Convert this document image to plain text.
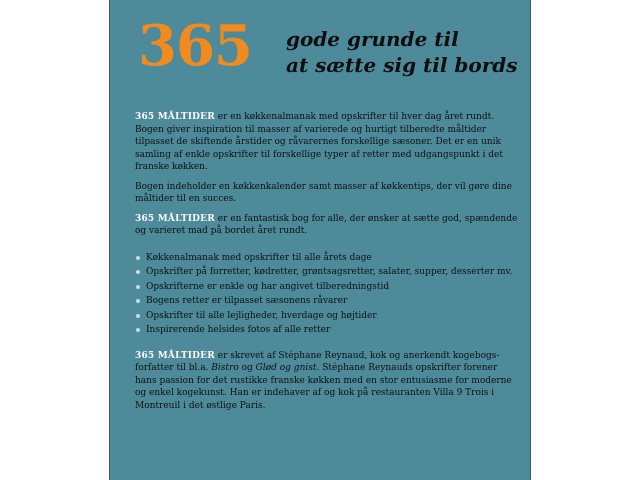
365 gode grunde til
at sætte sig til bords

365 MÅLTIDER er en køkkenalmanak med opskrifter til hver dag året rundt. Bogen giver inspiration til masser af varierede og hurtigt tilberedte måltider tilpasset de skiftende årstider og råvarernes forskellige sæsoner. Det er en unik samling af enkle opskrifter til forskellige typer af retter med udgangspunkt i det franske køkken.

Bogen indeholder en køkkenkalender samt masser af køkkentips, der vil gøre dine måltider til en succes.

365 MÅLTIDER er en fantastisk bog for alle, der ønsker at sætte god, spændende og varieret mad på bordet året rundt.

Køkkenalmanak med opskrifter til alle årets dage
Opskrifter på forretter, kødretter, grøntsagsretter, salater, supper, desserter mv.
Opskrifterne er enkle og har angivet tilberedningstid
Bogens retter er tilpasset sæsonens råvarer
Opskrifter til alle lejligheder, hverdage og højtider
Inspirerende helsides fotos af alle retter

365 MÅLTIDER er skrevet af Stéphane Reynaud, kok og anerkendt kogebogs-forfatter til bl.a. Bistro og Glød og gnist. Stéphane Reynauds opskrifter forener hans passion for det rustikke franske køkken med en stor entusiasme for moderne og enkel kogekunst. Han er indehaver af og kok på restauranten Villa 9 Trois i Montreuil i det østlige Paris.
